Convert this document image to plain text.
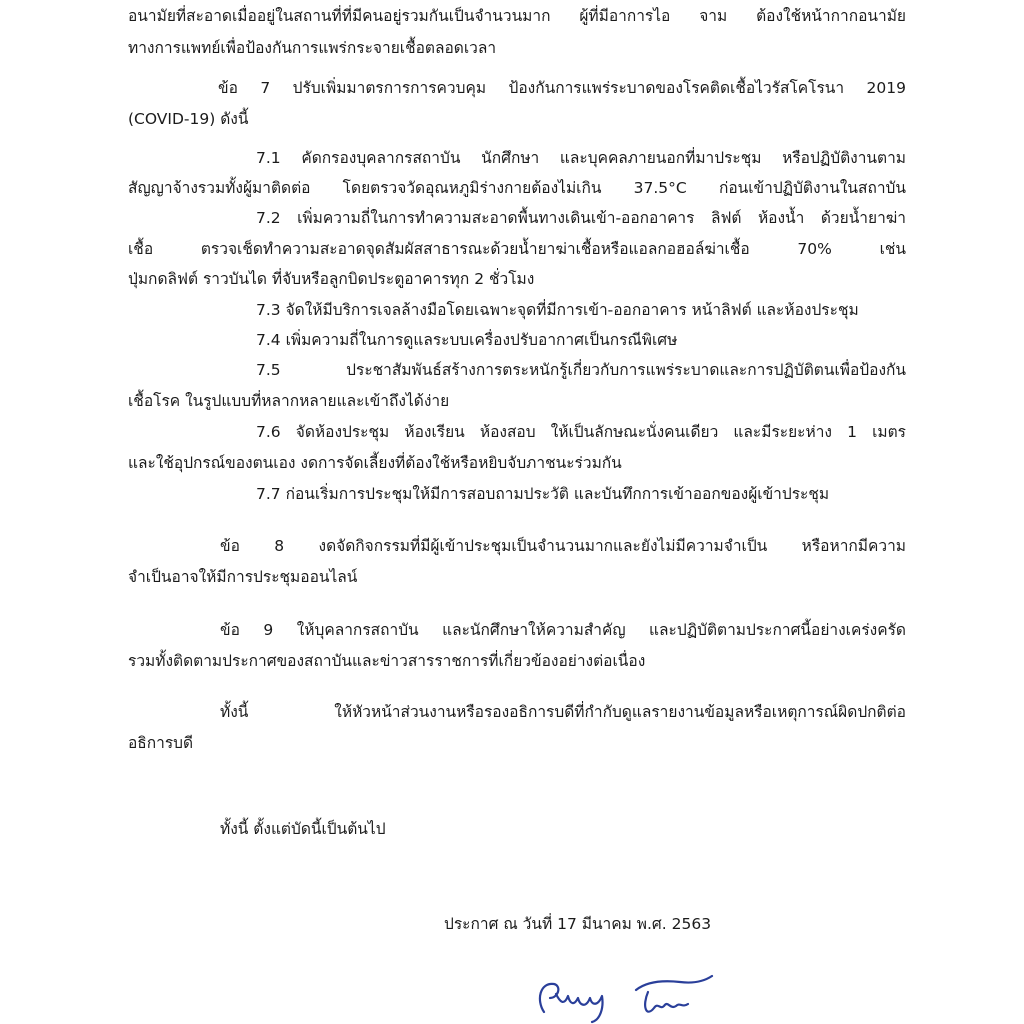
อนามัยที่สะอาดเมื่ออยู่ในสถานที่ที่มีคนอยู่รวมกันเป็นจำนวนมาก ผู้ที่มีอาการไอ จาม ต้องใช้หน้ากากอนามัย
ทางการแพทย์เพื่อป้องกันการแพร่กระจายเชื้อตลอดเวลา
ข้อ 7 ปรับเพิ่มมาตรการการควบคุม ป้องกันการแพร่ระบาดของโรคติดเชื้อไวรัสโคโรนา 2019
(COVID-19) ดังนี้
7.1 คัดกรองบุคลากรสถาบัน นักศึกษา และบุคคลภายนอกที่มาประชุม หรือปฏิบัติงานตาม
สัญญาจ้างรวมทั้งผู้มาติดต่อ โดยตรวจวัดอุณหภูมิร่างกายต้องไม่เกิน 37.5°C ก่อนเข้าปฏิบัติงานในสถาบัน
7.2 เพิ่มความถี่ในการทำความสะอาดพื้นทางเดินเข้า-ออกอาคาร ลิฟต์ ห้องน้ำ ด้วยน้ำยาฆ่า
เชื้อ ตรวจเช็ดทำความสะอาดจุดสัมผัสสาธารณะด้วยน้ำยาฆ่าเชื้อหรือแอลกอฮอล์ฆ่าเชื้อ 70% เช่น
ปุ่มกดลิฟต์ ราวบันได ที่จับหรือลูกบิดประตูอาคารทุก 2 ชั่วโมง
7.3 จัดให้มีบริการเจลล้างมือโดยเฉพาะจุดที่มีการเข้า-ออกอาคาร หน้าลิฟต์ และห้องประชุม
7.4 เพิ่มความถี่ในการดูแลระบบเครื่องปรับอากาศเป็นกรณีพิเศษ
7.5 ประชาสัมพันธ์สร้างการตระหนักรู้เกี่ยวกับการแพร่ระบาดและการปฏิบัติตนเพื่อป้องกัน
เชื้อโรค ในรูปแบบที่หลากหลายและเข้าถึงได้ง่าย
7.6 จัดห้องประชุม ห้องเรียน ห้องสอบ ให้เป็นลักษณะนั่งคนเดียว และมีระยะห่าง 1 เมตร
และใช้อุปกรณ์ของตนเอง งดการจัดเลี้ยงที่ต้องใช้หรือหยิบจับภาชนะร่วมกัน
7.7 ก่อนเริ่มการประชุมให้มีการสอบถามประวัติ และบันทึกการเข้าออกของผู้เข้าประชุม
ข้อ 8 งดจัดกิจกรรมที่มีผู้เข้าประชุมเป็นจำนวนมากและยังไม่มีความจำเป็น หรือหากมีความ
จำเป็นอาจให้มีการประชุมออนไลน์
ข้อ 9 ให้บุคลากรสถาบัน และนักศึกษาให้ความสำคัญ และปฏิบัติตามประกาศนี้อย่างเคร่งครัด
รวมทั้งติดตามประกาศของสถาบันและข่าวสารราชการที่เกี่ยวข้องอย่างต่อเนื่อง
ทั้งนี้ ให้หัวหน้าส่วนงานหรือรองอธิการบดีที่กำกับดูแลรายงานข้อมูลหรือเหตุการณ์ผิดปกติต่อ
อธิการบดี
ทั้งนี้ ตั้งแต่บัดนี้เป็นต้นไป
ประกาศ ณ วันที่ 17 มีนาคม พ.ศ. 2563
